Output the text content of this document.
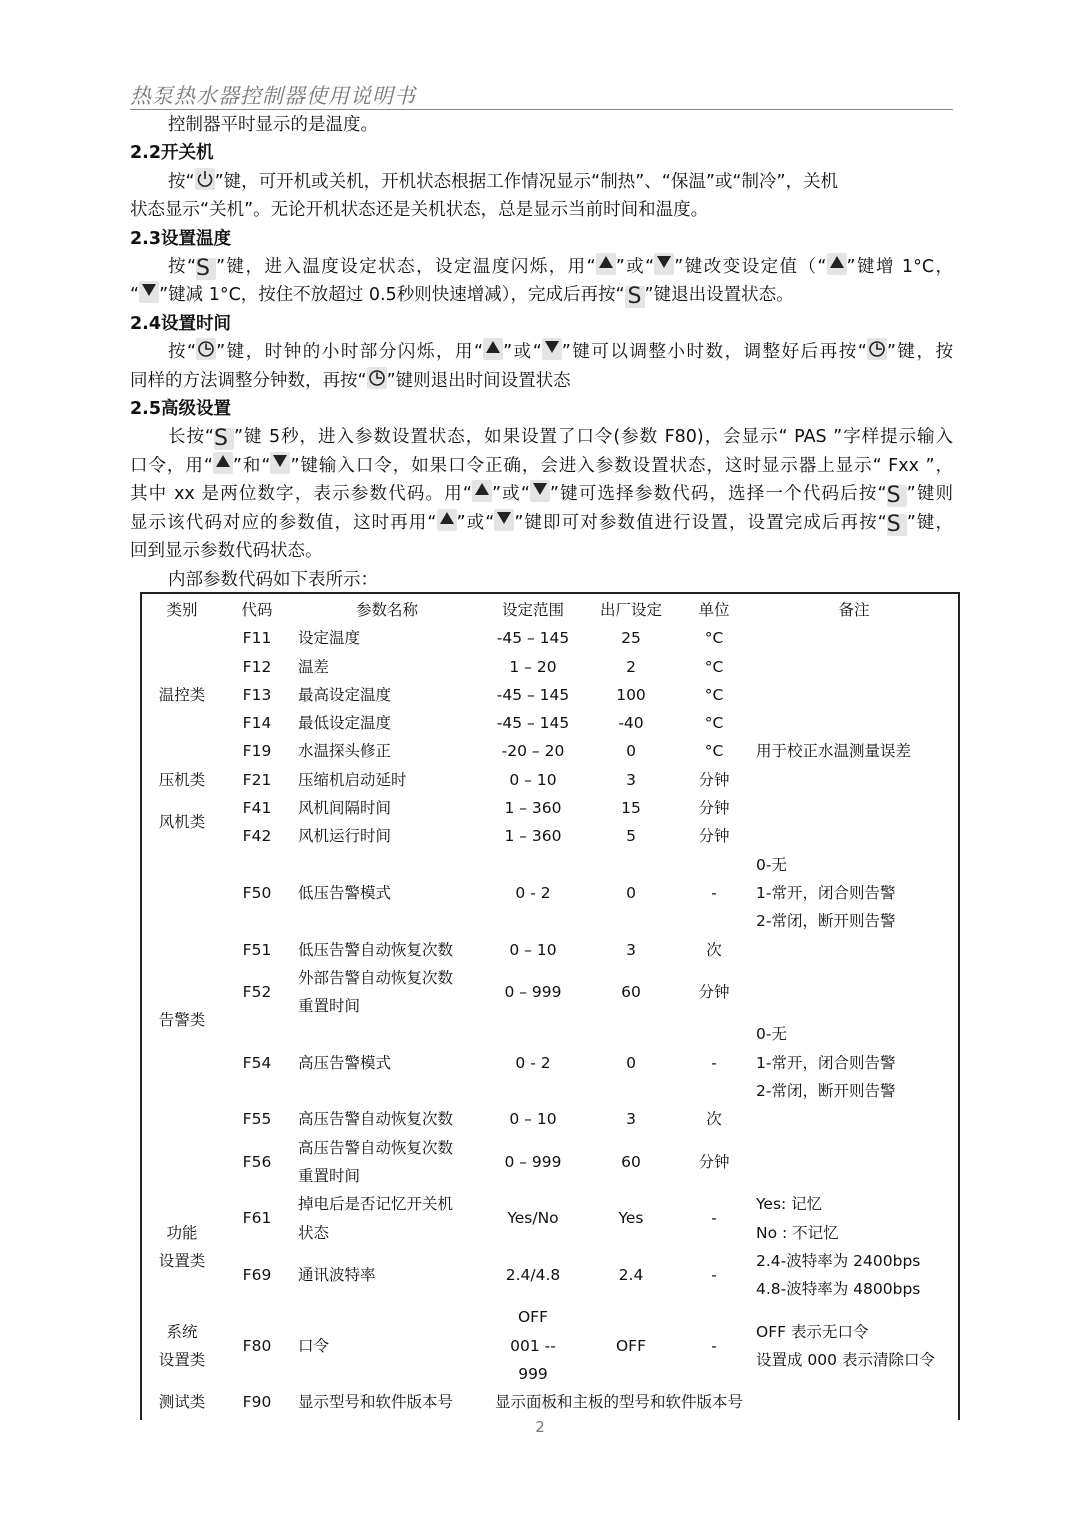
热泵热水器控制器使用说明书
控制器平时显示的是温度。
2.2开关机
按“ ”键，可开机或关机，开机状态根据工作情况显示“制热”、“保温”或“制冷”，关机
状态显示“关机”。无论开机状态还是关机状态，总是显示当前时间和温度。
2.3设置温度
按“S ”键，进入温度设定状态，设定温度闪烁，用“ ”或“ ”键改变设定值（“ ”键增 1°C，
“ ”键减 1°C，按住不放超过 0.5秒则快速增减），完成后再按“ S ”键退出设置状态。
2.4设置时间
按“ ”键，时钟的小时部分闪烁，用“ ”或“ ”键可以调整小时数，调整好后再按“ ”键，按
同样的方法调整分钟数，再按“ ”键则退出时间设置状态
2.5高级设置
长按“S ”键 5秒，进入参数设置状态，如果设置了口令(参数 F80)，会显示“ PAS ”字样提示输入
口令，用“ ”和“ ”键输入口令，如果口令正确，会进入参数设置状态，这时显示器上显示“ Fxx ”，
其中 xx 是两位数字，表示参数代码。用“ ”或“ ”键可选择参数代码，选择一个代码后按“S ”键则
显示该代码对应的参数值，这时再用“ ”或“ ”键即可对参数值进行设置，设置完成后再按“S ”键，
回到显示参数代码状态。
内部参数代码如下表所示：
类别	代码	参数名称	设定范围	出厂设定	单位	备注
温控类	F11	设定温度	-45 – 145	25	°C	
	F12	温差	1 – 20	2	°C	
	F13	最高设定温度	-45 – 145	100	°C	
	F14	最低设定温度	-45 – 145	-40	°C	
	F19	水温探头修正	-20 – 20	0	°C	用于校正水温测量误差
压机类	F21	压缩机启动延时	0 – 10	3	分钟	
风机类	F41	风机间隔时间	1 – 360	15	分钟	
	F42	风机运行时间	1 – 360	5	分钟	
告警类	F50	低压告警模式	0 - 2	0	-	0-无
1-常开，闭合则告警
2-常闭，断开则告警
	F51	低压告警自动恢复次数	0 – 10	3	次	
	F52	外部告警自动恢复次数
重置时间	0 – 999	60	分钟	
	F54	高压告警模式	0 - 2	0	-	0-无
1-常开，闭合则告警
2-常闭，断开则告警
	F55	高压告警自动恢复次数	0 – 10	3	次	
	F56	高压告警自动恢复次数
重置时间	0 – 999	60	分钟	
功能
设置类	F61	掉电后是否记忆开关机
状态	Yes/No	Yes	-	Yes: 记忆
No : 不记忆
	F69	通讯波特率	2.4/4.8	2.4	-	2.4-波特率为 2400bps
4.8-波特率为 4800bps
系统
设置类	F80	口令	OFF
001 --
999	OFF	-	OFF 表示无口令
设置成 000 表示清除口令
测试类	F90	显示型号和软件版本号	显示面板和主板的型号和软件版本号			
2
